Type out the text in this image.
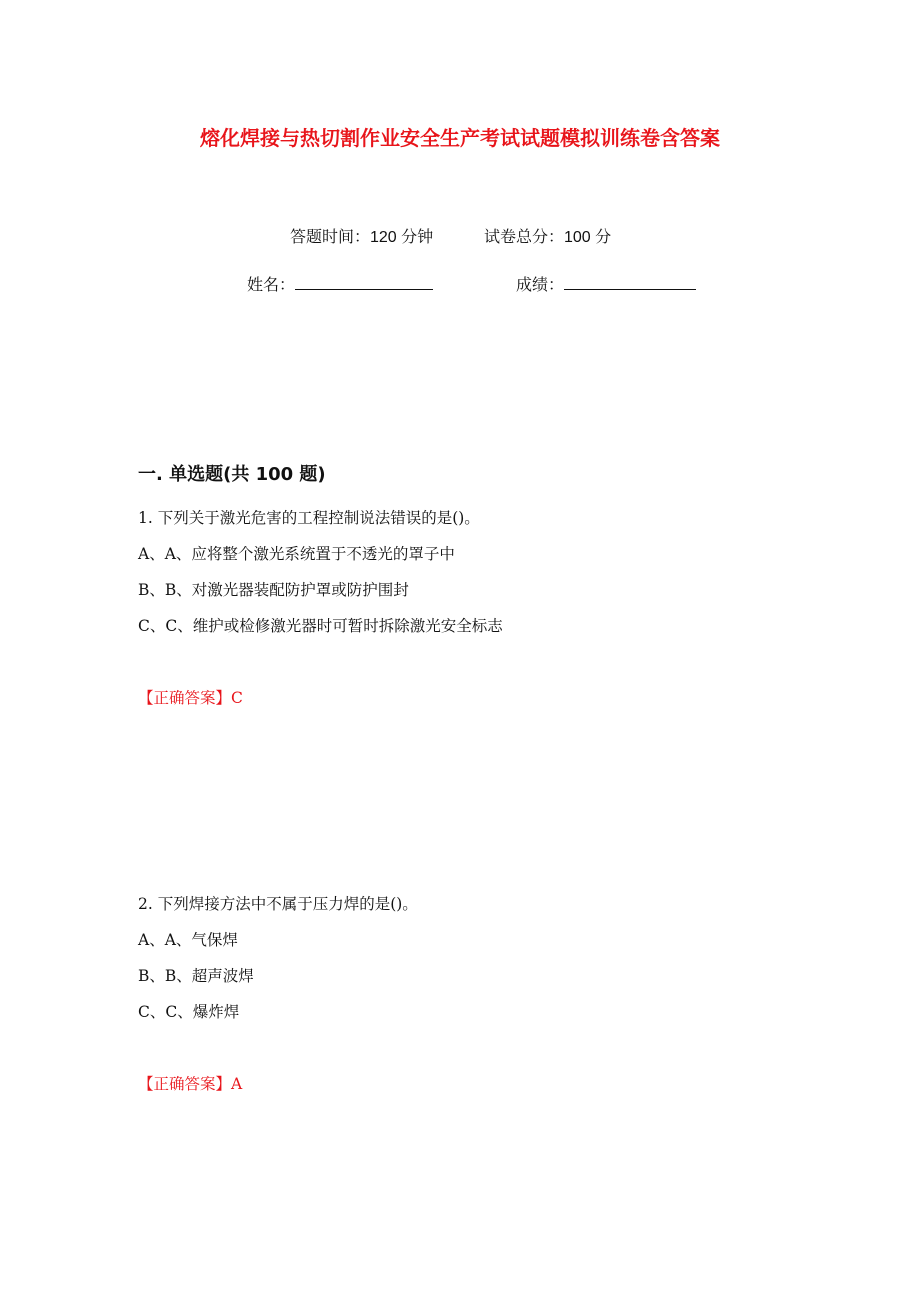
熔化焊接与热切割作业安全生产考试试题模拟训练卷含答案
答题时间：120 分钟	试卷总分：100 分
姓名：	成绩：
一. 单选题(共 100 题)
1. 下列关于激光危害的工程控制说法错误的是()。
A、A、应将整个激光系统置于不透光的罩子中
B、B、对激光器装配防护罩或防护围封
C、C、维护或检修激光器时可暂时拆除激光安全标志
【正确答案】C
2. 下列焊接方法中不属于压力焊的是()。
A、A、气保焊
B、B、超声波焊
C、C、爆炸焊
【正确答案】A
